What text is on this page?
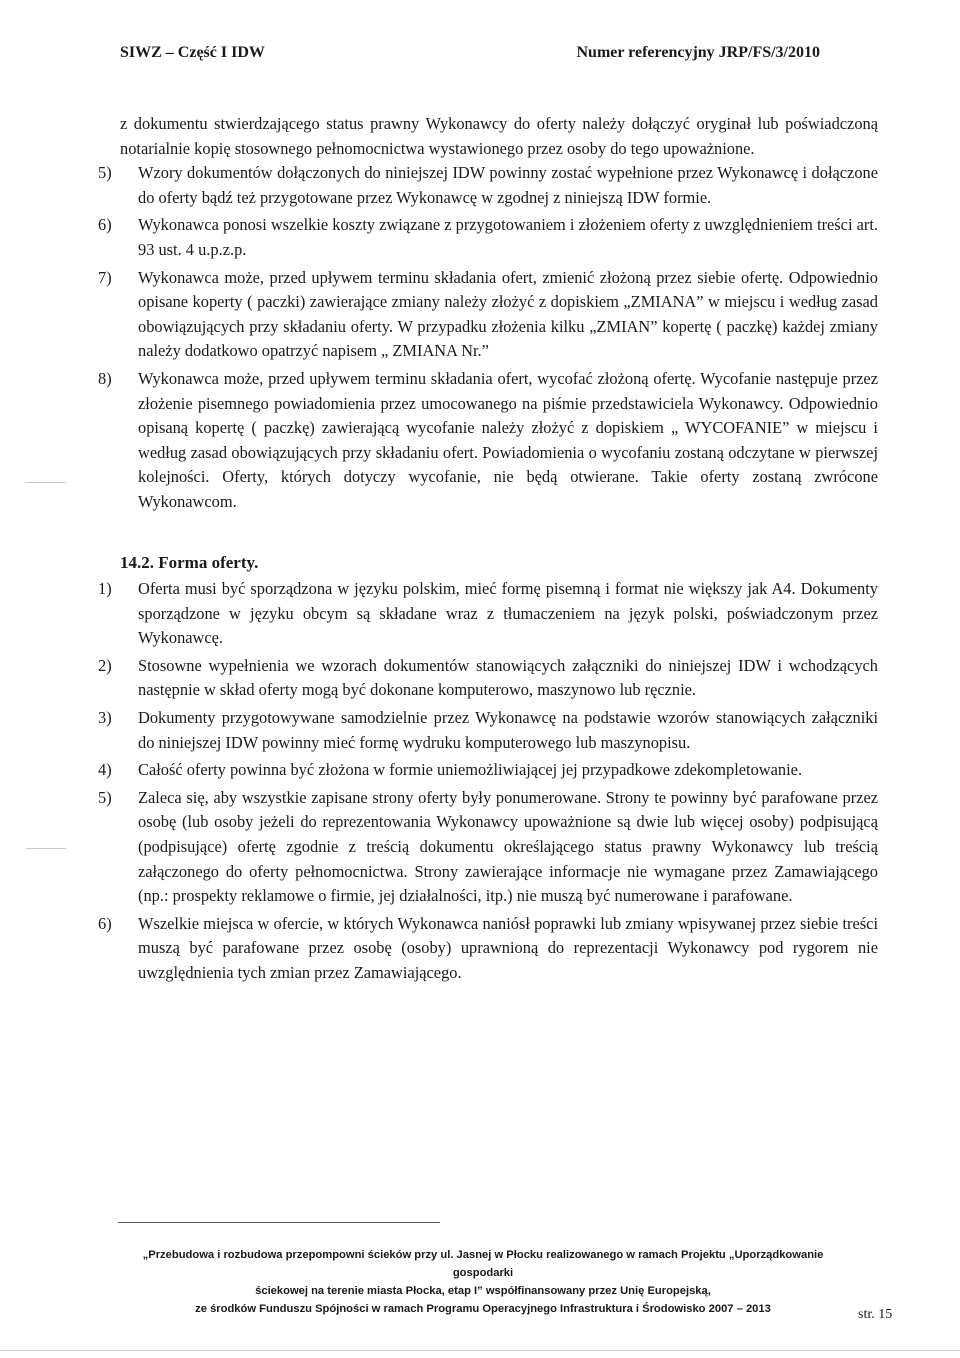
SIWZ – Część I IDW	Numer referencyjny JRP/FS/3/2010

z dokumentu stwierdzającego status prawny Wykonawcy do oferty należy dołączyć oryginał lub poświadczoną notarialnie kopię stosownego pełnomocnictwa wystawionego przez osoby do tego upoważnione.

5)	Wzory dokumentów dołączonych do niniejszej IDW powinny zostać wypełnione przez Wykonawcę i dołączone do oferty bądź też przygotowane przez Wykonawcę w zgodnej z niniejszą IDW formie.
6)	Wykonawca ponosi wszelkie koszty związane z przygotowaniem i złożeniem oferty z uwzględnieniem treści art. 93 ust. 4 u.p.z.p.
7)	Wykonawca może, przed upływem terminu składania ofert, zmienić złożoną przez siebie ofertę. Odpowiednio opisane koperty ( paczki) zawierające zmiany należy złożyć z dopiskiem „ZMIANA” w miejscu i według zasad obowiązujących przy składaniu oferty. W przypadku złożenia kilku „ZMIAN” kopertę ( paczkę) każdej zmiany należy dodatkowo opatrzyć napisem „ ZMIANA Nr.”
8)	Wykonawca może, przed upływem terminu składania ofert, wycofać złożoną ofertę. Wycofanie następuje przez złożenie pisemnego powiadomienia przez umocowanego na piśmie przedstawiciela Wykonawcy. Odpowiednio opisaną kopertę ( paczkę) zawierającą wycofanie należy złożyć z dopiskiem „ WYCOFANIE” w miejscu i według zasad obowiązujących przy składaniu ofert. Powiadomienia o wycofaniu zostaną odczytane w pierwszej kolejności. Oferty, których dotyczy wycofanie, nie będą otwierane. Takie oferty zostaną zwrócone Wykonawcom.
14.2. Forma oferty.
1)	Oferta musi być sporządzona w języku polskim, mieć formę pisemną i format nie większy jak A4. Dokumenty sporządzone w języku obcym są składane wraz z tłumaczeniem na język polski, poświadczonym przez Wykonawcę.
2)	Stosowne wypełnienia we wzorach dokumentów stanowiących załączniki do niniejszej IDW i wchodzących następnie w skład oferty mogą być dokonane komputerowo, maszynowo lub ręcznie.
3)	Dokumenty przygotowywane samodzielnie przez Wykonawcę na podstawie wzorów stanowiących załączniki do niniejszej IDW powinny mieć formę wydruku komputerowego lub maszynopisu.
4)	Całość oferty powinna być złożona w formie uniemożliwiającej jej przypadkowe zdekompletowanie.
5)	Zaleca się, aby wszystkie zapisane strony oferty były ponumerowane. Strony te powinny być parafowane przez osobę (lub osoby jeżeli do reprezentowania Wykonawcy upoważnione są dwie lub więcej osoby) podpisującą (podpisujące) ofertę zgodnie z treścią dokumentu określającego status prawny Wykonawcy lub treścią załączonego do oferty pełnomocnictwa. Strony zawierające informacje nie wymagane przez Zamawiającego (np.: prospekty reklamowe o firmie, jej działalności, itp.) nie muszą być numerowane i parafowane.
6)	Wszelkie miejsca w ofercie, w których Wykonawca naniósł poprawki lub zmiany wpisywanej przez siebie treści muszą być parafowane przez osobę (osoby) uprawnioną do reprezentacji Wykonawcy pod rygorem nie uwzględnienia tych zmian przez Zamawiającego.
„Przebudowa i rozbudowa przepompowni ścieków przy ul. Jasnej w Płocku realizowanego w ramach Projektu „Uporządkowanie gospodarki
ściekowej na terenie miasta Płocka, etap I” współfinansowany przez Unię Europejską,
ze środków Funduszu Spójności w ramach Programu Operacyjnego Infrastruktura i Środowisko 2007 – 2013	str. 15
